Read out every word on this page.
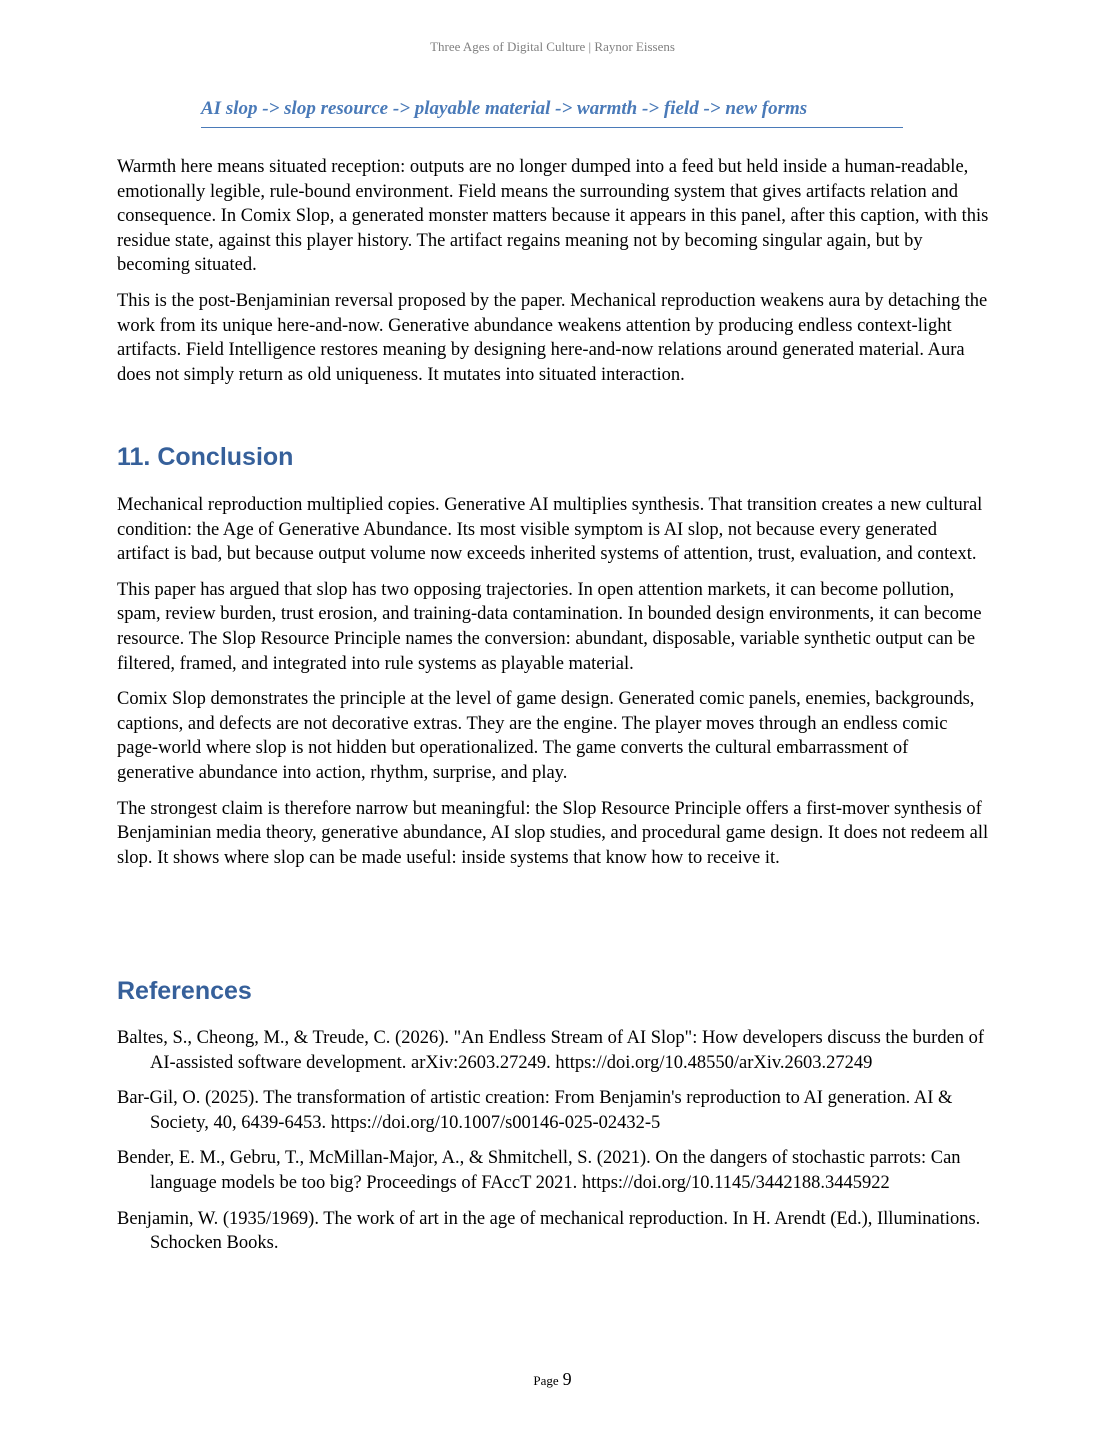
Three Ages of Digital Culture | Raynor Eissens
AI slop -> slop resource -> playable material -> warmth -> field -> new forms

Warmth here means situated reception: outputs are no longer dumped into a feed but held inside a human-readable, emotionally legible, rule-bound environment. Field means the surrounding system that gives artifacts relation and consequence. In Comix Slop, a generated monster matters because it appears in this panel, after this caption, with this residue state, against this player history. The artifact regains meaning not by becoming singular again, but by becoming situated.

This is the post-Benjaminian reversal proposed by the paper. Mechanical reproduction weakens aura by detaching the work from its unique here-and-now. Generative abundance weakens attention by producing endless context-light artifacts. Field Intelligence restores meaning by designing here-and-now relations around generated material. Aura does not simply return as old uniqueness. It mutates into situated interaction.

11. Conclusion

Mechanical reproduction multiplied copies. Generative AI multiplies synthesis. That transition creates a new cultural condition: the Age of Generative Abundance. Its most visible symptom is AI slop, not because every generated artifact is bad, but because output volume now exceeds inherited systems of attention, trust, evaluation, and context.

This paper has argued that slop has two opposing trajectories. In open attention markets, it can become pollution, spam, review burden, trust erosion, and training-data contamination. In bounded design environments, it can become resource. The Slop Resource Principle names the conversion: abundant, disposable, variable synthetic output can be filtered, framed, and integrated into rule systems as playable material.

Comix Slop demonstrates the principle at the level of game design. Generated comic panels, enemies, backgrounds, captions, and defects are not decorative extras. They are the engine. The player moves through an endless comic page-world where slop is not hidden but operationalized. The game converts the cultural embarrassment of generative abundance into action, rhythm, surprise, and play.

The strongest claim is therefore narrow but meaningful: the Slop Resource Principle offers a first-mover synthesis of Benjaminian media theory, generative abundance, AI slop studies, and procedural game design. It does not redeem all slop. It shows where slop can be made useful: inside systems that know how to receive it.

References

Baltes, S., Cheong, M., & Treude, C. (2026). "An Endless Stream of AI Slop": How developers discuss the burden of AI-assisted software development. arXiv:2603.27249. https://doi.org/10.48550/arXiv.2603.27249

Bar-Gil, O. (2025). The transformation of artistic creation: From Benjamin's reproduction to AI generation. AI & Society, 40, 6439-6453. https://doi.org/10.1007/s00146-025-02432-5

Bender, E. M., Gebru, T., McMillan-Major, A., & Shmitchell, S. (2021). On the dangers of stochastic parrots: Can language models be too big? Proceedings of FAccT 2021. https://doi.org/10.1145/3442188.3445922

Benjamin, W. (1935/1969). The work of art in the age of mechanical reproduction. In H. Arendt (Ed.), Illuminations. Schocken Books.

Page 9
